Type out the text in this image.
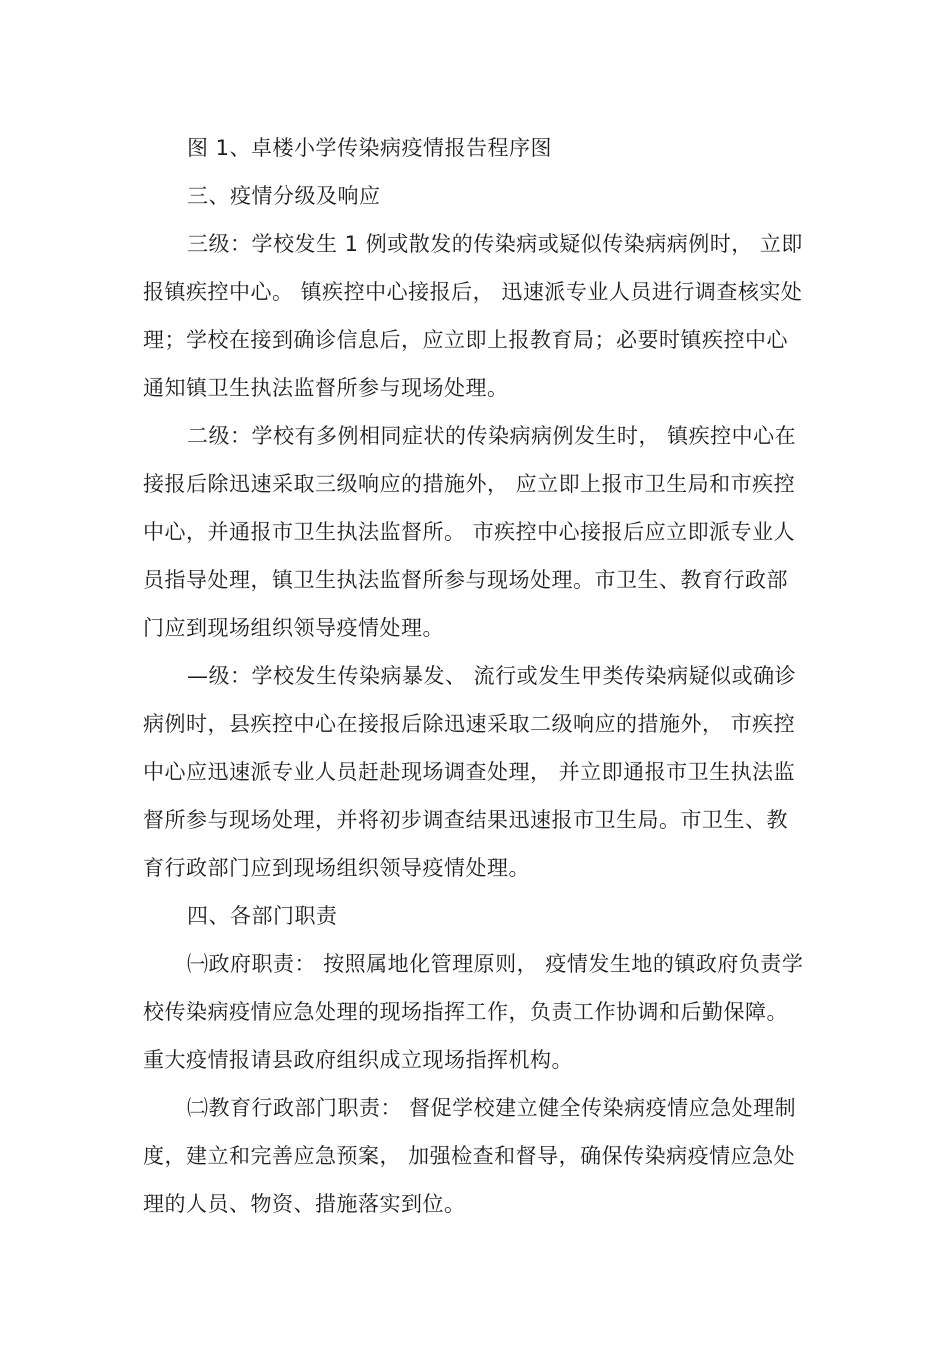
图 1、卓楼小学传染病疫情报告程序图
三、疫情分级及响应
三级：学校发生 1 例或散发的传染病或疑似传染病病例时， 立即
报镇疾控中心。 镇疾控中心接报后， 迅速派专业人员进行调查核实处
理；学校在接到确诊信息后，应立即上报教育局；必要时镇疾控中心
通知镇卫生执法监督所参与现场处理。
二级：学校有多例相同症状的传染病病例发生时， 镇疾控中心在
接报后除迅速采取三级响应的措施外， 应立即上报市卫生局和市疾控
中心，并通报市卫生执法监督所。 市疾控中心接报后应立即派专业人
员指导处理，镇卫生执法监督所参与现场处理。市卫生、教育行政部
门应到现场组织领导疫情处理。
—级：学校发生传染病暴发、 流行或发生甲类传染病疑似或确诊
病例时，县疾控中心在接报后除迅速采取二级响应的措施外， 市疾控
中心应迅速派专业人员赶赴现场调查处理， 并立即通报市卫生执法监
督所参与现场处理，并将初步调查结果迅速报市卫生局。市卫生、教
育行政部门应到现场组织领导疫情处理。
四、各部门职责
㈠政府职责： 按照属地化管理原则， 疫情发生地的镇政府负责学
校传染病疫情应急处理的现场指挥工作，负责工作协调和后勤保障。
重大疫情报请县政府组织成立现场指挥机构。
㈡教育行政部门职责： 督促学校建立健全传染病疫情应急处理制
度，建立和完善应急预案， 加强检查和督导，确保传染病疫情应急处
理的人员、物资、措施落实到位。
